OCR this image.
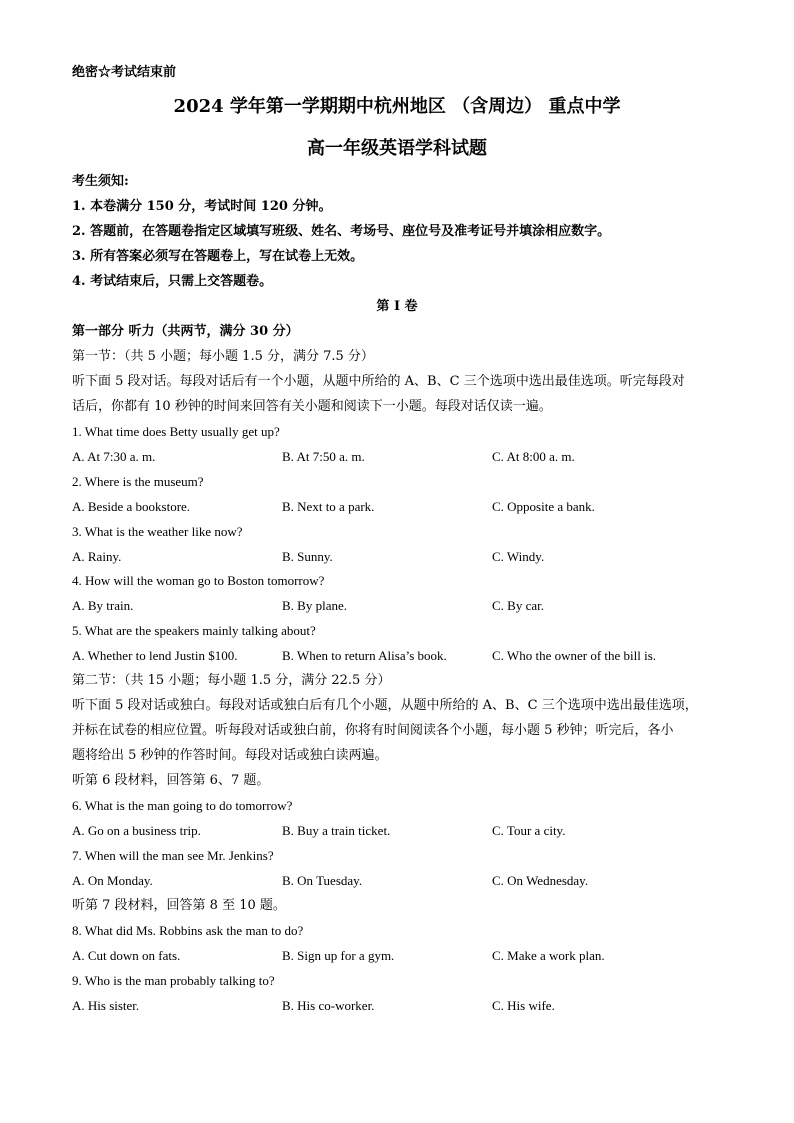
绝密☆考试结束前
2024 学年第一学期期中杭州地区 （含周边） 重点中学
高一年级英语学科试题
考生须知:
1. 本卷满分 150 分，考试时间 120 分钟。
2. 答题前，在答题卷指定区域填写班级、姓名、考场号、座位号及准考证号并填涂相应数字。
3. 所有答案必须写在答题卷上，写在试卷上无效。
4. 考试结束后，只需上交答题卷。
第 I 卷
第一部分 听力（共两节，满分 30 分）
第一节：（共 5 小题；每小题 1.5 分，满分 7.5 分）
听下面 5 段对话。每段对话后有一个小题，从题中所给的 A、B、C 三个选项中选出最佳选项。听完每段对
话后，你都有 10 秒钟的时间来回答有关小题和阅读下一小题。每段对话仅读一遍。
1. What time does Betty usually get up?
A. At 7:30 a. m.	B. At 7:50 a. m.	C. At 8:00 a. m.
2. Where is the museum?
A. Beside a bookstore.	B. Next to a park.	C. Opposite a bank.
3. What is the weather like now?
A. Rainy.	B. Sunny.	C. Windy.
4. How will the woman go to Boston tomorrow?
A. By train.	B. By plane.	C. By car.
5. What are the speakers mainly talking about?
A. Whether to lend Justin $100.	B. When to return Alisa’s book.	C. Who the owner of the bill is.
第二节：（共 15 小题；每小题 1.5 分，满分 22.5 分）
听下面 5 段对话或独白。每段对话或独白后有几个小题，从题中所给的 A、B、C 三个选项中选出最佳选项，
并标在试卷的相应位置。听每段对话或独白前，你将有时间阅读各个小题，每小题 5 秒钟；听完后，各小
题将给出 5 秒钟的作答时间。每段对话或独白读两遍。
听第 6 段材料，回答第 6、7 题。
6. What is the man going to do tomorrow?
A. Go on a business trip.	B. Buy a train ticket.	C. Tour a city.
7. When will the man see Mr. Jenkins?
A. On Monday.	B. On Tuesday.	C. On Wednesday.
听第 7 段材料，回答第 8 至 10 题。
8. What did Ms. Robbins ask the man to do?
A. Cut down on fats.	B. Sign up for a gym.	C. Make a work plan.
9. Who is the man probably talking to?
A. His sister.	B. His co-worker.	C. His wife.
